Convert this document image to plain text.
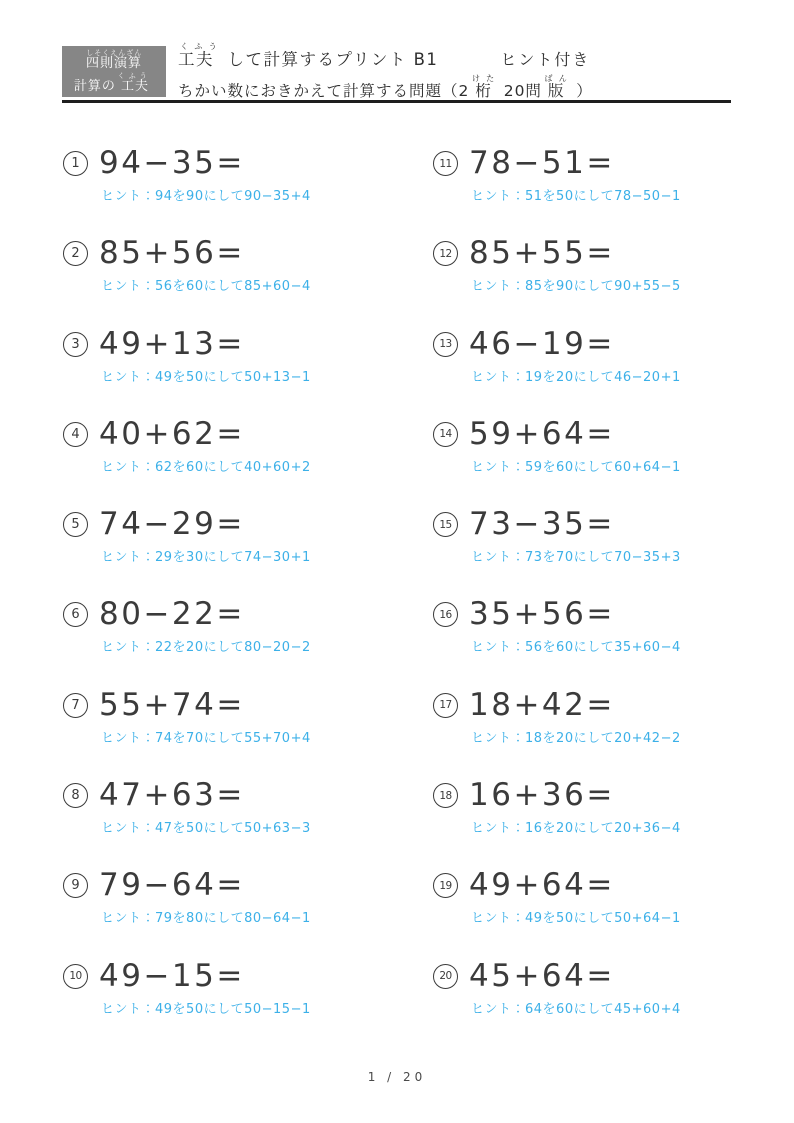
四則演算 しそくえんざん
計算の 工夫 くふう
工夫 くふう して計算するプリント B1	ヒント付き
ちかい数におきかえて計算する問題（2 桁 けた 20問 版 ばん ）
1 94−35=
ヒント：94を90にして90−35+4
2 85+56=
ヒント：56を60にして85+60−4
3 49+13=
ヒント：49を50にして50+13−1
4 40+62=
ヒント：62を60にして40+60+2
5 74−29=
ヒント：29を30にして74−30+1
6 80−22=
ヒント：22を20にして80−20−2
7 55+74=
ヒント：74を70にして55+70+4
8 47+63=
ヒント：47を50にして50+63−3
9 79−64=
ヒント：79を80にして80−64−1
10 49−15=
ヒント：49を50にして50−15−1
11 78−51=
ヒント：51を50にして78−50−1
12 85+55=
ヒント：85を90にして90+55−5
13 46−19=
ヒント：19を20にして46−20+1
14 59+64=
ヒント：59を60にして60+64−1
15 73−35=
ヒント：73を70にして70−35+3
16 35+56=
ヒント：56を60にして35+60−4
17 18+42=
ヒント：18を20にして20+42−2
18 16+36=
ヒント：16を20にして20+36−4
19 49+64=
ヒント：49を50にして50+64−1
20 45+64=
ヒント：64を60にして45+60+4
1 / 20
